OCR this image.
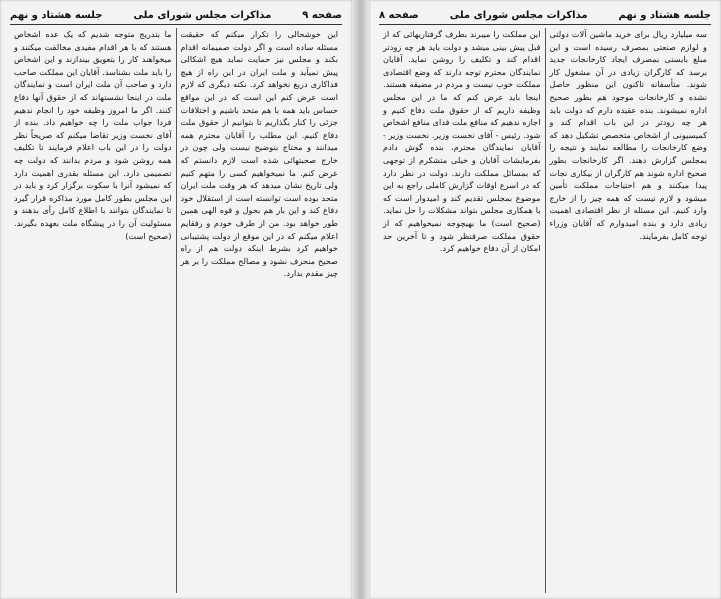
صفحه ۹
مذاکرات مجلس شورای ملی
جلسه هشتاد و نهم

این خوشحالی را تکرار میکنم که حقیقت مسئله ساده است و اگر دولت صمیمانه اقدام بکند و مجلس نیز حمایت نماید هیچ اشکالی پیش نمیآید و ملت ایران در این راه از هیچ فداکاری دریغ نخواهد کرد. نکته دیگری که لازم است عرض کنم این است که در این مواقع حساس باید همه با هم متحد باشیم و اختلافات جزئی را کنار بگذاریم تا بتوانیم از حقوق ملت دفاع کنیم. این مطلب را آقایان محترم همه میدانند و محتاج بتوضیح نیست ولی چون در خارج صحبتهائی شده است لازم دانستم که عرض کنم. ما نمیخواهیم کسی را متهم کنیم ولی تاریخ نشان میدهد که هر وقت ملت ایران متحد بوده است توانسته است از استقلال خود دفاع کند و این بار هم بحول و قوه الهی همین طور خواهد بود. من از طرف خودم و رفقایم اعلام میکنم که در این موقع از دولت پشتیبانی خواهیم کرد بشرط اینکه دولت هم از راه صحیح منحرف نشود و مصالح مملکت را بر هر چیز مقدم بدارد.

ما بتدریج متوجه شدیم که یک عده اشخاص هستند که با هر اقدام مفیدی مخالفت میکنند و میخواهند کار را بتعویق بیندازند و این اشخاص را باید ملت بشناسد. آقایان این مملکت صاحب دارد و صاحب آن ملت ایران است و نمایندگان ملت در اینجا نشستهاند که از حقوق آنها دفاع کنند. اگر ما امروز وظیفه خود را انجام ندهیم فردا جواب ملت را چه خواهیم داد. بنده از آقای نخست وزیر تقاضا میکنم که صریحاً نظر دولت را در این باب اعلام فرمایند تا تکلیف همه روشن شود و مردم بدانند که دولت چه تصمیمی دارد. این مسئله بقدری اهمیت دارد که نمیشود آنرا با سکوت برگزار کرد و باید در این مجلس بطور کامل مورد مذاکره قرار گیرد تا نمایندگان بتوانند با اطلاع کامل رأی بدهند و مسئولیت آن را در پیشگاه ملت بعهده بگیرند. (صحیح است)

جلسه هشتاد و نهم
مذاکرات مجلس شورای ملی
صفحه ۸

سه میلیارد ریال برای خرید ماشین آلات دولتی و لوازم صنعتی بمصرف رسیده است و این مبلغ بایستی بمصرف ایجاد کارخانجات جدید برسد که کارگران زیادی در آن مشغول کار شوند. متأسفانه تاکنون این منظور حاصل نشده و کارخانجات موجود هم بطور صحیح اداره نمیشوند. بنده عقیده دارم که دولت باید هر چه زودتر در این باب اقدام کند و کمیسیونی از اشخاص متخصص تشکیل دهد که وضع کارخانجات را مطالعه نمایند و نتیجه را بمجلس گزارش دهند. اگر کارخانجات بطور صحیح اداره شوند هم کارگران از بیکاری نجات پیدا میکنند و هم احتیاجات مملکت تأمین میشود و لازم نیست که همه چیز را از خارج وارد کنیم. این مسئله از نظر اقتصادی اهمیت زیادی دارد و بنده امیدوارم که آقایان وزراء توجه کامل بفرمایند.

این مملکت را میبرند بطرف گرفتاریهائی که از قبل پیش بینی میشد و دولت باید هر چه زودتر اقدام کند و تکلیف را روشن نماید. آقایان نمایندگان محترم توجه دارند که وضع اقتصادی مملکت خوب نیست و مردم در مضیقه هستند. اینجا باید عرض کنم که ما در این مجلس وظیفه داریم که از حقوق ملت دفاع کنیم و اجازه ندهیم که منافع ملت فدای منافع اشخاص شود. رئیس - آقای نخست وزیر. نخست وزیر - آقایان نمایندگان محترم، بنده گوش دادم بفرمایشات آقایان و خیلی متشکرم از توجهی که بمسائل مملکت دارند. دولت در نظر دارد که در اسرع اوقات گزارش کاملی راجع به این موضوع بمجلس تقدیم کند و امیدوار است که با همکاری مجلس بتواند مشکلات را حل نماید. (صحیح است) ما بهیچوجه نمیخواهیم که از حقوق مملکت صرفنظر شود و تا آخرین حد امکان از آن دفاع خواهیم کرد.
